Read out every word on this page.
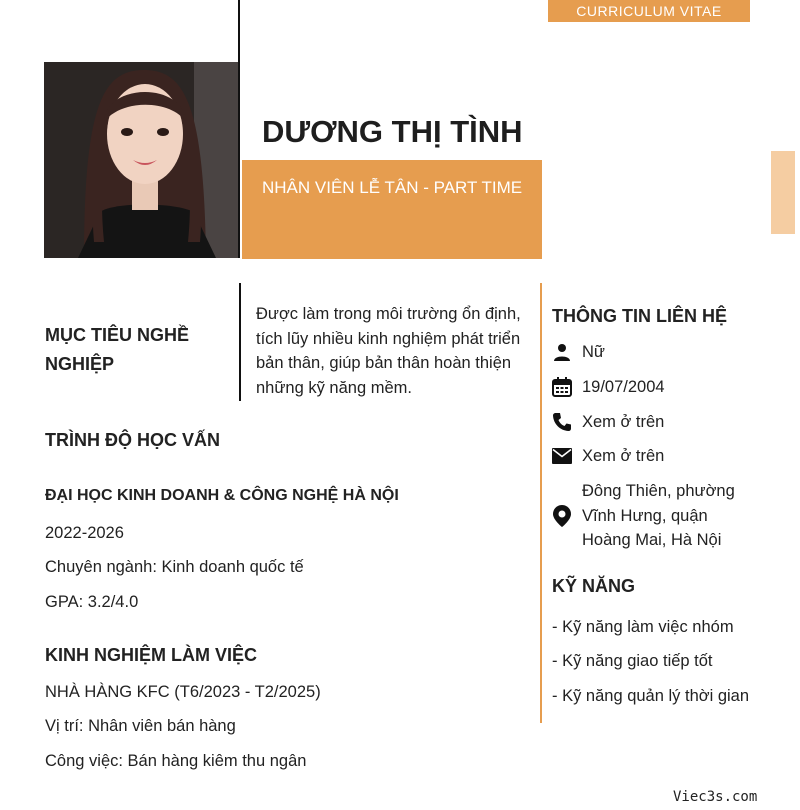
CURRICULUM VITAE
DƯƠNG THỊ TÌNH
NHÂN VIÊN LỄ TÂN - PART TIME
MỤC TIÊU NGHỀ NGHIỆP
Được làm trong môi trường ổn định, tích lũy nhiều kinh nghiệm phát triển bản thân, giúp bản thân hoàn thiện những kỹ năng mềm.
TRÌNH ĐỘ HỌC VẤN
ĐẠI HỌC KINH DOANH & CÔNG NGHỆ HÀ NỘI
2022-2026
Chuyên ngành: Kinh doanh quốc tế
GPA: 3.2/4.0
KINH NGHIỆM LÀM VIỆC
NHÀ HÀNG KFC (T6/2023 - T2/2025)
Vị trí: Nhân viên bán hàng
Công việc: Bán hàng kiêm thu ngân
THÔNG TIN LIÊN HỆ
Nữ
19/07/2004
Xem ở trên
Xem ở trên
Đông Thiên, phường Vĩnh Hưng, quận Hoàng Mai, Hà Nội
KỸ NĂNG
- Kỹ năng làm việc nhóm
- Kỹ năng giao tiếp tốt
- Kỹ năng quản lý thời gian
Viec3s.com
